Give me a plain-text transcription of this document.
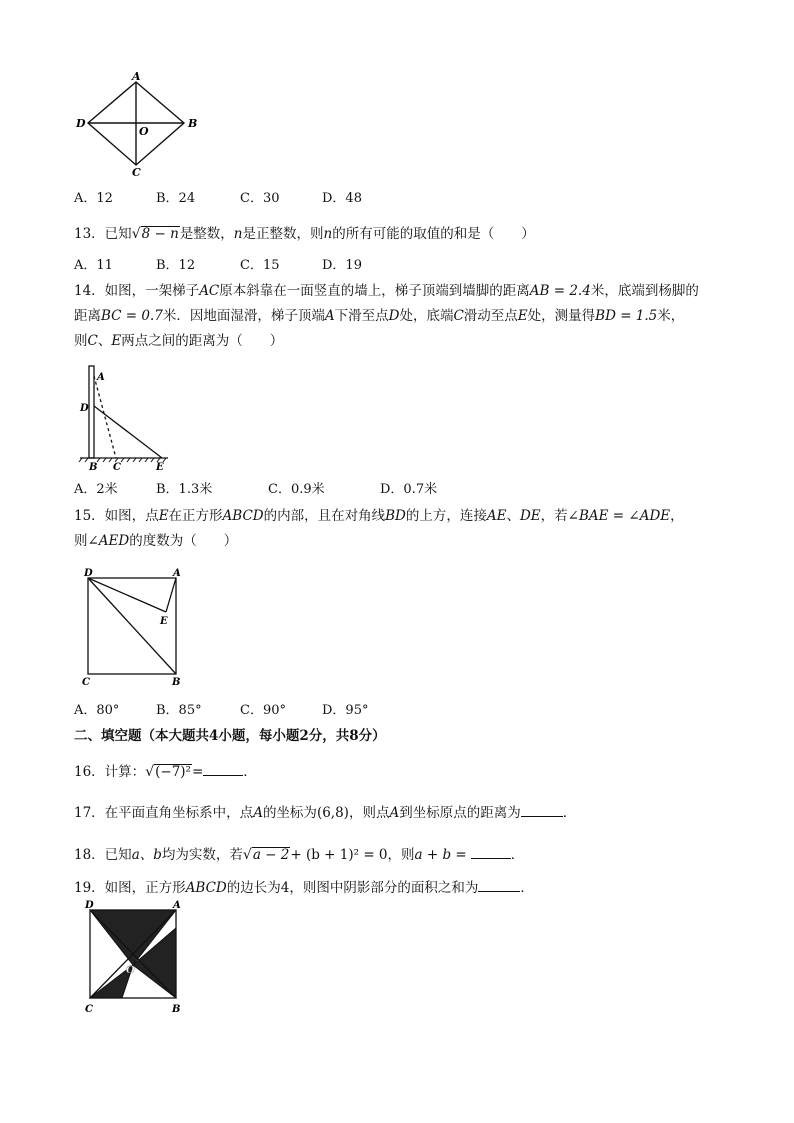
A
B
C
D
O
A．12	B．24	C．30	D．48
13．已知√8 − n是整数，n是正整数，则n的所有可能的取值的和是（　　）
A．11	B．12	C．15	D．19
14．如图，一架梯子AC原本斜靠在一面竖直的墙上，梯子顶端到墙脚的距离AB = 2.4米，底端到杨脚的
距离BC = 0.7米．因地面湿滑，梯子顶端A下滑至点D处，底端C滑动至点E处，测量得BD = 1.5米，
则C、E两点之间的距离为（　　）
A
D
B C	E
A．2米	B．1.3米	C．0.9米	D．0.7米
15．如图，点E在正方形ABCD的内部，且在对角线BD的上方，连接AE、DE，若∠BAE = ∠ADE，
则∠AED的度数为（　　）
D	A
E
C	B
A．80°	B．85°	C．90°	D．95°
二、填空题（本大题共4小题，每小题2分，共8分）
16．计算：√(−7)²=	．
17．在平面直角坐标系中，点A的坐标为(6,8)，则点A到坐标原点的距离为	．
18．已知a、b均为实数，若√a − 2+ (b + 1)² = 0，则a + b =	．
19．如图，正方形ABCD的边长为4，则图中阴影部分的面积之和为	．
D	A
O
C	B
